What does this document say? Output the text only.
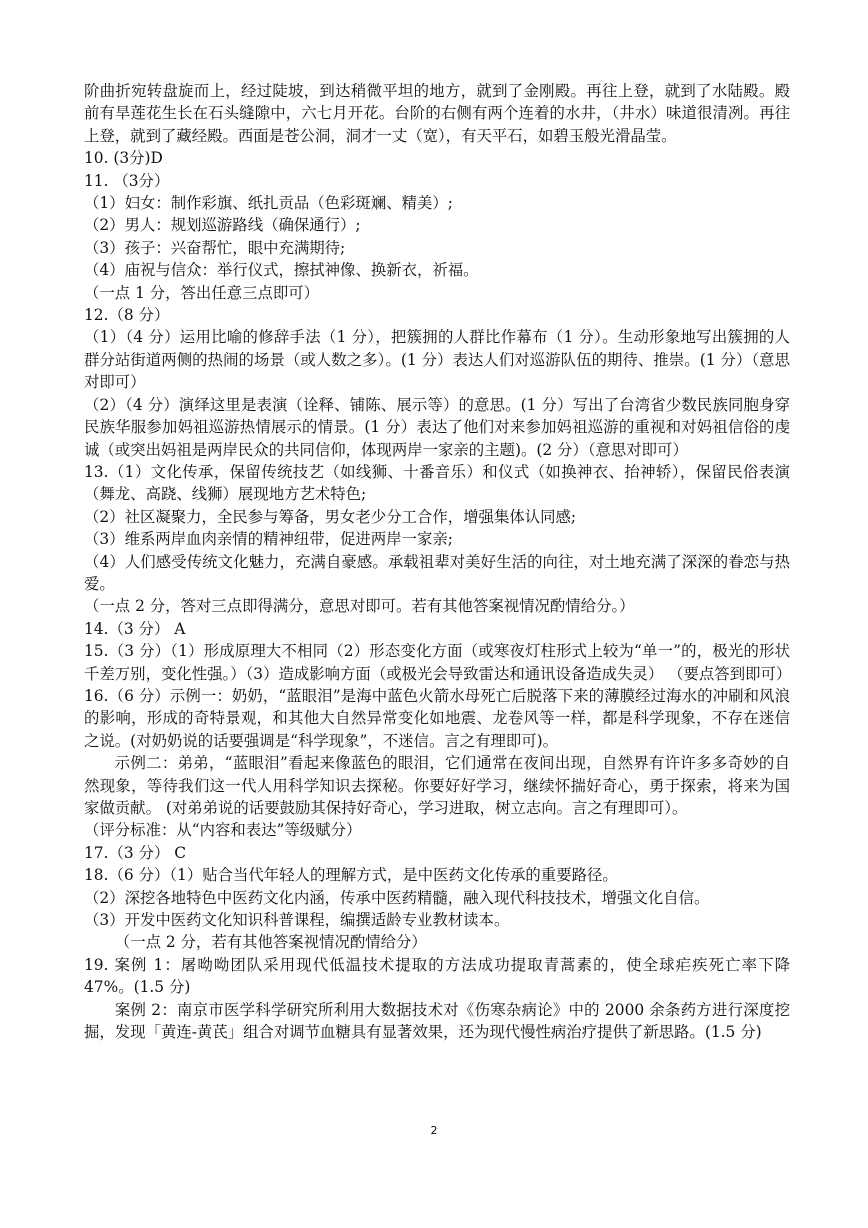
阶曲折宛转盘旋而上，经过陡坡，到达稍微平坦的地方，就到了金刚殿。再往上登，就到了水陆殿。殿前有旱莲花生长在石头缝隙中，六七月开花。台阶的右侧有两个连着的水井，（井水）味道很清冽。再往上登，就到了藏经殿。西面是苍公洞，洞才一丈（宽），有天平石，如碧玉般光滑晶莹。

10. (3分)D

11. （3分）

（1）妇女：制作彩旗、纸扎贡品（色彩斑斓、精美）;

（2）男人：规划巡游路线（确保通行）;

（3）孩子：兴奋帮忙，眼中充满期待;

（4）庙祝与信众：举行仪式，擦拭神像、换新衣，祈福。

（一点 1 分，答出任意三点即可）

12.（8 分）

（1）（4 分）运用比喻的修辞手法（1 分），把簇拥的人群比作幕布（1 分）。生动形象地写出簇拥的人群分站街道两侧的热闹的场景（或人数之多）。(1 分）表达人们对巡游队伍的期待、推崇。(1 分）（意思对即可）

（2）（4 分）演绎这里是表演（诠释、铺陈、展示等）的意思。(1 分）写出了台湾省少数民族同胞身穿民族华服参加妈祖巡游热情展示的情景。(1 分）表达了他们对来参加妈祖巡游的重视和对妈祖信俗的虔诚（或突出妈祖是两岸民众的共同信仰，体现两岸一家亲的主题)。(2 分）（意思对即可）

13.（1）文化传承，保留传统技艺（如线狮、十番音乐）和仪式（如换神衣、抬神轿），保留民俗表演（舞龙、高跷、线狮）展现地方艺术特色;

（2）社区凝聚力，全民参与筹备，男女老少分工合作，增强集体认同感;

（3）维系两岸血肉亲情的精神纽带，促进两岸一家亲;

（4）人们感受传统文化魅力，充满自豪感。承载祖辈对美好生活的向往，对土地充满了深深的眷恋与热爱。

（一点 2 分，答对三点即得满分，意思对即可。若有其他答案视情况酌情给分。）

14.（3 分） A

15.（3 分）（1）形成原理大不相同（2）形态变化方面（或寒夜灯柱形式上较为“单一”的，极光的形状千差万别，变化性强。）（3）造成影响方面（或极光会导致雷达和通讯设备造成失灵） （要点答到即可）

16.（6 分）示例一：奶奶，“蓝眼泪”是海中蓝色火箭水母死亡后脱落下来的薄膜经过海水的冲刷和风浪的影响，形成的奇特景观，和其他大自然异常变化如地震、龙卷风等一样，都是科学现象，不存在迷信之说。(对奶奶说的话要强调是“科学现象”，不迷信。言之有理即可)。

示例二：弟弟，“蓝眼泪”看起来像蓝色的眼泪，它们通常在夜间出现，自然界有许许多多奇妙的自然现象，等待我们这一代人用科学知识去探秘。你要好好学习，继续怀揣好奇心，勇于探索，将来为国家做贡献。 (对弟弟说的话要鼓励其保持好奇心，学习进取，树立志向。言之有理即可）。

（评分标准：从“内容和表达”等级赋分）

17.（3 分） C

18.（6 分）（1）贴合当代年轻人的理解方式，是中医药文化传承的重要路径。

（2）深挖各地特色中医药文化内涵，传承中医药精髓，融入现代科技技术，增强文化自信。

（3）开发中医药文化知识科普课程，编撰适龄专业教材读本。

（一点 2 分，若有其他答案视情况酌情给分）

19. 案例 1：屠呦呦团队采用现代低温技术提取的方法成功提取青蒿素的，使全球疟疾死亡率下降 47%。(1.5 分)

案例 2：南京市医学科学研究所利用大数据技术对《伤寒杂病论》中的 2000 余条药方进行深度挖掘，发现「黄连-黄芪」组合对调节血糖具有显著效果，还为现代慢性病治疗提供了新思路。(1.5 分)

2
